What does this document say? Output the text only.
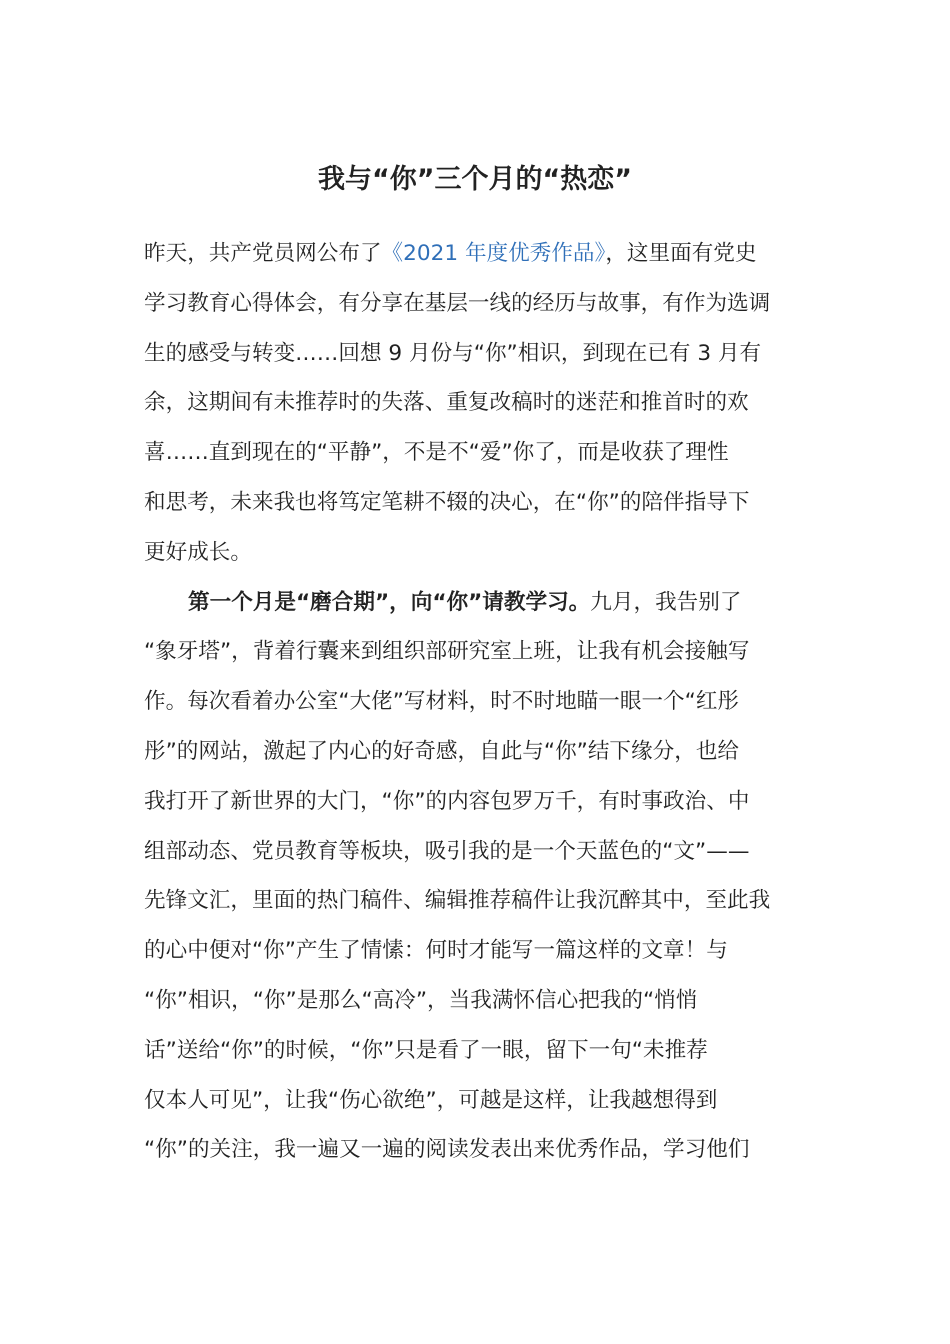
我与“你”三个月的“热恋”
昨天，共产党员网公布了《2021 年度优秀作品》，这里面有党史
学习教育心得体会，有分享在基层一线的经历与故事，有作为选调
生的感受与转变……回想 9 月份与“你”相识，到现在已有 3 月有
余，这期间有未推荐时的失落、重复改稿时的迷茫和推首时的欢
喜……直到现在的“平静”，不是不“爱”你了，而是收获了理性
和思考，未来我也将笃定笔耕不辍的决心，在“你”的陪伴指导下
更好成长。
第一个月是“磨合期”，向“你”请教学习。九月，我告别了
“象牙塔”，背着行囊来到组织部研究室上班，让我有机会接触写
作。每次看着办公室“大佬”写材料，时不时地瞄一眼一个“红彤
彤”的网站，激起了内心的好奇感，自此与“你”结下缘分，也给
我打开了新世界的大门，“你”的内容包罗万千，有时事政治、中
组部动态、党员教育等板块，吸引我的是一个天蓝色的“文”——
先锋文汇，里面的热门稿件、编辑推荐稿件让我沉醉其中，至此我
的心中便对“你”产生了情愫：何时才能写一篇这样的文章！与
“你”相识，“你”是那么“高冷”，当我满怀信心把我的“悄悄
话”送给“你”的时候，“你”只是看了一眼，留下一句“未推荐
仅本人可见”，让我“伤心欲绝”，可越是这样，让我越想得到
“你”的关注，我一遍又一遍的阅读发表出来优秀作品，学习他们
